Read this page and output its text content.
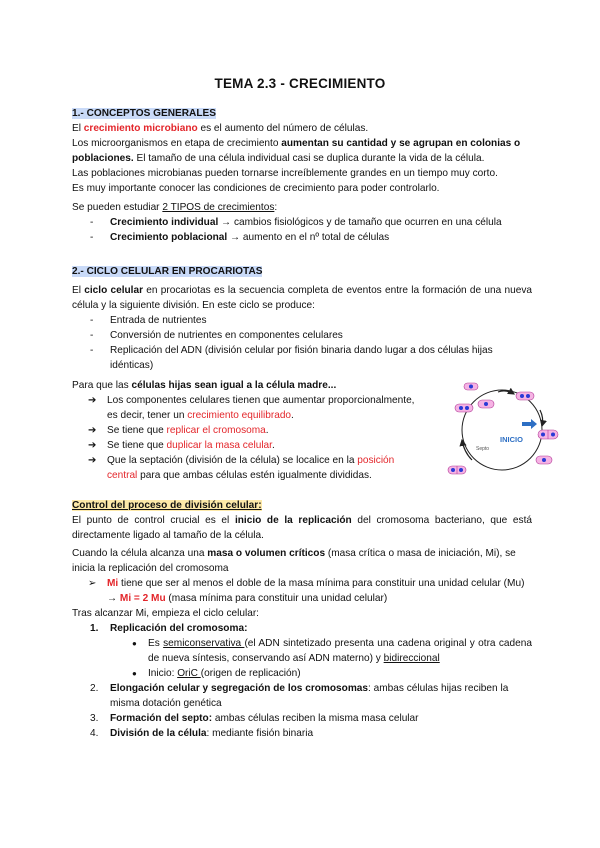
TEMA 2.3 - CRECIMIENTO

1.- CONCEPTOS GENERALES

El crecimiento microbiano es el aumento del número de células.

Los microorganismos en etapa de crecimiento aumentan su cantidad y se agrupan en colonias o poblaciones. El tamaño de una célula individual casi se duplica durante la vida de la célula.

Las poblaciones microbianas pueden tornarse increíblemente grandes en un tiempo muy corto.

Es muy importante conocer las condiciones de crecimiento para poder controlarlo.

Se pueden estudiar 2 TIPOS de crecimientos:

- Crecimiento individual → cambios fisiológicos y de tamaño que ocurren en una célula

- Crecimiento poblacional → aumento en el nº total de células

2.- CICLO CELULAR EN PROCARIOTAS

El ciclo celular en procariotas es la secuencia completa de eventos entre la formación de una nueva célula y la siguiente división. En este ciclo se produce:

- Entrada de nutrientes

- Conversión de nutrientes en componentes celulares

- Replicación del ADN (división celular por fisión binaria dando lugar a dos células hijas idénticas)

Para que las células hijas sean igual a la célula madre...

➔ Los componentes celulares tienen que aumentar proporcionalmente, es decir, tener un crecimiento equilibrado.

➔ Se tiene que replicar el cromosoma.

➔ Se tiene que duplicar la masa celular.

➔ Que la septación (división de la célula) se localice en la posición central para que ambas células estén igualmente divididas.

INICIO
Septo

Control del proceso de división celular:

El punto de control crucial es el inicio de la replicación del cromosoma bacteriano, que está directamente ligado al tamaño de la célula.

Cuando la célula alcanza una masa o volumen críticos (masa crítica o masa de iniciación, Mi), se inicia la replicación del cromosoma

➢ Mi tiene que ser al menos el doble de la masa mínima para constituir una unidad celular (Mu) → Mi = 2 Mu (masa mínima para constituir una unidad celular)

Tras alcanzar Mi, empieza el ciclo celular:

1. Replicación del cromosoma:

● Es semiconservativa (el ADN sintetizado presenta una cadena original y otra cadena de nueva síntesis, conservando así ADN materno) y bidireccional

● Inicio: OriC (origen de replicación)

2. Elongación celular y segregación de los cromosomas: ambas células hijas reciben la misma dotación genética

3. Formación del septo: ambas células reciben la misma masa celular

4. División de la célula: mediante fisión binaria
